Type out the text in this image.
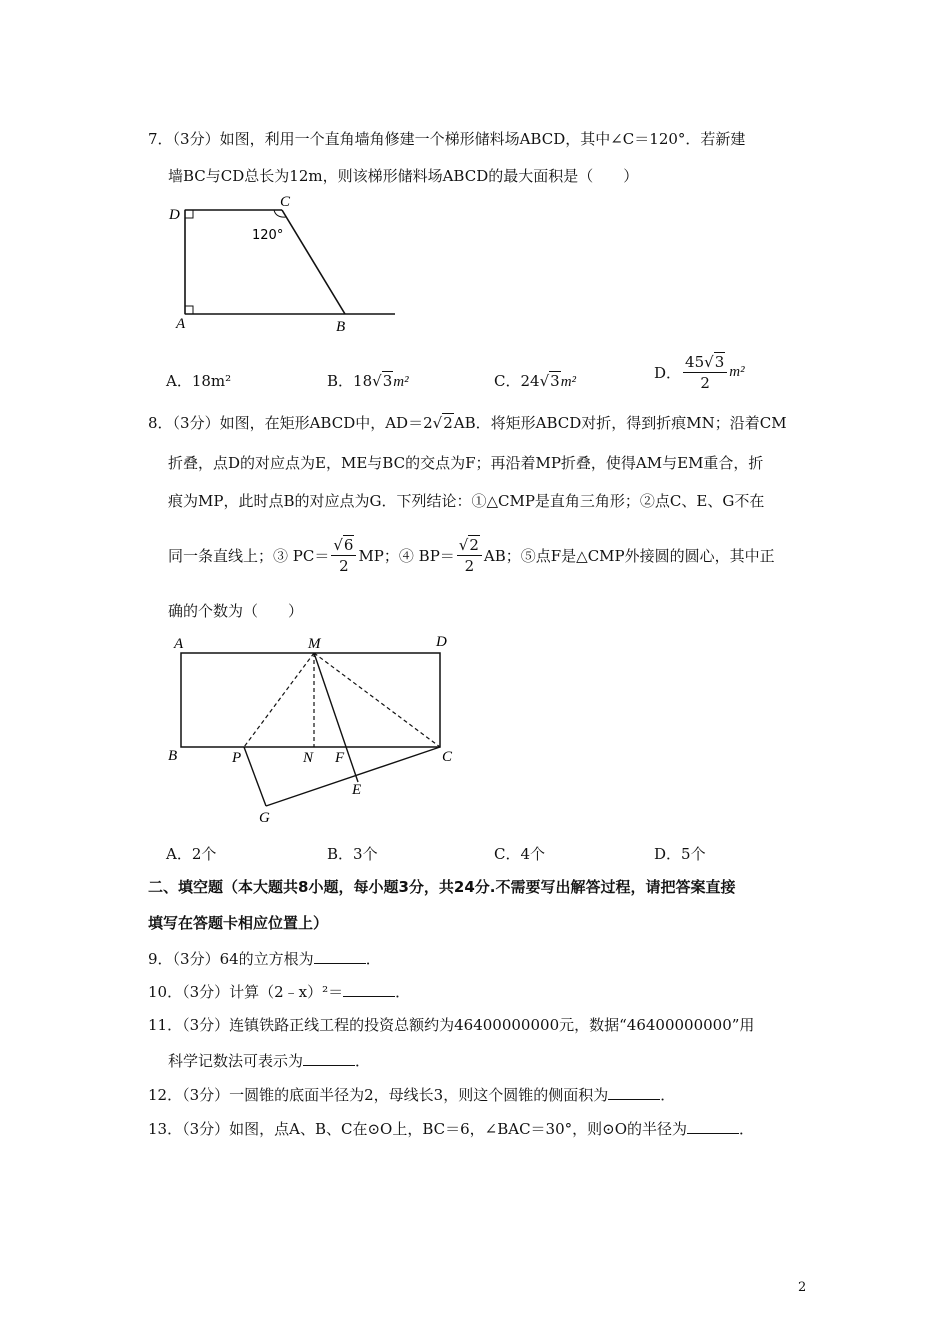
7．（3分）如图，利用一个直角墙角修建一个梯形储料场ABCD，其中∠C＝120°．若新建
墙BC与CD总长为12m，则该梯形储料场ABCD的最大面积是（　　）
D
C
A	B
120°
A．18m²	B．18√3m²	C．24√3m²	D． $\frac{45√3}{2} m^2$
8．（3分）如图，在矩形ABCD中，AD＝2√2AB．将矩形ABCD对折，得到折痕MN；沿着CM
折叠，点D的对应点为E，ME与BC的交点为F；再沿着MP折叠，使得AM与EM重合，折
痕为MP，此时点B的对应点为G．下列结论：①△CMP是直角三角形；②点C、E、G不在
同一条直线上；③ $PC= \frac{√6}{2}$ MP；④ $BP= \frac{√2}{2}$ AB；⑤点F是△CMP外接圆的圆心，其中正
确的个数为（　　）
A	M	D
B	P	N F	C
E
G
A．2个	B．3个	C．4个	D．5个
二、填空题（本大题共8小题，每小题3分，共24分.不需要写出解答过程，请把答案直接
填写在答题卡相应位置上）
9．（3分）64的立方根为	．
10．（3分）计算（2﹣x）²＝	．
11．（3分）连镇铁路正线工程的投资总额约为46400000000元，数据“46400000000”用
科学记数法可表示为	．
12．（3分）一圆锥的底面半径为2，母线长3，则这个圆锥的侧面积为	．
13．（3分）如图，点A、B、C在⊙O上，BC＝6，∠BAC＝30°，则⊙O的半径为	．
2
